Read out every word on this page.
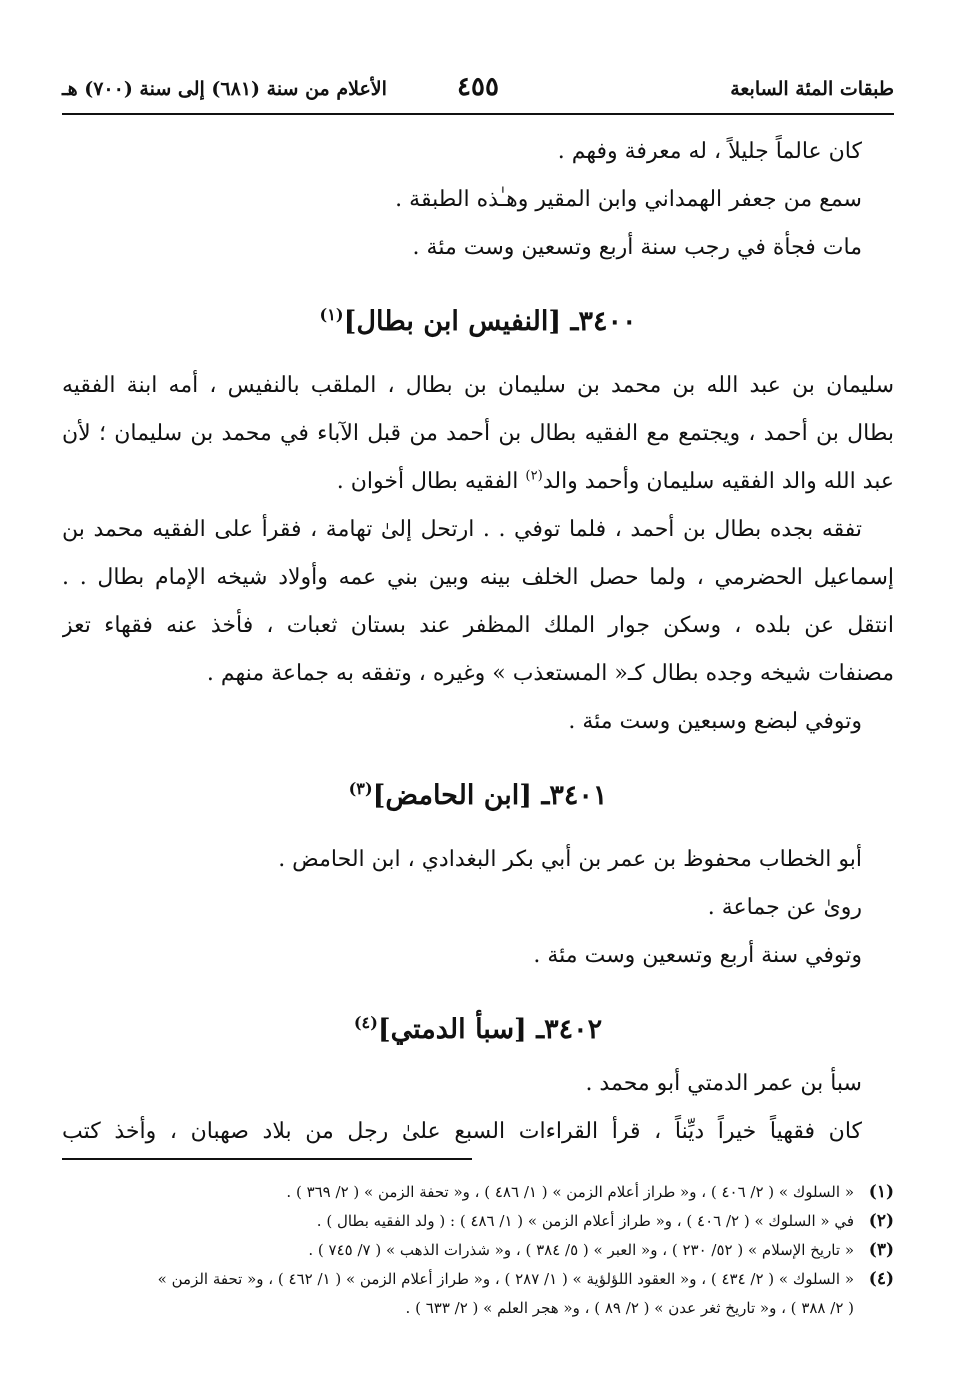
طبقات المئة السابعة
٤٥٥
الأعلام من سنة (٦٨١) إلى سنة (٧٠٠) هـ
كان عالماً جليلاً ، له معرفة وفهم .
سمع من جعفر الهمداني وابن المقير وهـٰذه الطبقة .
مات فجأة في رجب سنة أربع وتسعين وست مئة .
٣٤٠٠ـ [النفيس ابن بطال]$^{(١)}$
سليمان بن عبد الله بن محمد بن سليمان بن بطال ، الملقب بالنفيس ، أمه ابنة الفقيه
بطال بن أحمد ، ويجتمع مع الفقيه بطال بن أحمد من قبل الآباء في محمد بن سليمان ؛ لأن
عبد الله والد الفقيه سليمان وأحمد والد$^{(٢)}$ الفقيه بطال أخوان .
تفقه بجده بطال بن أحمد ، فلما توفي . . ارتحل إلىٰ تهامة ، فقرأ على الفقيه محمد بن
إسماعيل الحضرمي ، ولما حصل الخلف بينه وبين بني عمه وأولاد شيخه الإمام بطال . .
انتقل عن بلده ، وسكن جوار الملك المظفر عند بستان ثعبات ، فأخذ عنه فقهاء تعز
مصنفات شيخه وجده بطال كـ« المستعذب » وغيره ، وتفقه به جماعة منهم .
وتوفي لبضع وسبعين وست مئة .
٣٤٠١ـ [ابن الحامض]$^{(٣)}$
أبو الخطاب محفوظ بن عمر بن أبي بكر البغدادي ، ابن الحامض .
روىٰ عن جماعة .
وتوفي سنة أربع وتسعين وست مئة .
٣٤٠٢ـ [سبأ الدمتي]$^{(٤)}$
سبأ بن عمر الدمتي أبو محمد .
كان فقهياً خيراً ديِّناً ، قرأ القراءات السبع علىٰ رجل من بلاد صهبان ، وأخذ كتب
(١)
« السلوك » ( ٢/ ٤٠٦ ) ، و« طراز أعلام الزمن » ( ١/ ٤٨٦ ) ، و« تحفة الزمن » ( ٢/ ٣٦٩ ) .
(٢)
في « السلوك » ( ٢/ ٤٠٦ ) ، و« طراز أعلام الزمن » ( ١/ ٤٨٦ ) : ( ولد الفقيه بطال ) .
(٣)
« تاريخ الإسلام » ( ٥٢/ ٢٣٠ ) ، و« العبر » ( ٥/ ٣٨٤ ) ، و« شذرات الذهب » ( ٧/ ٧٤٥ ) .
(٤)
« السلوك » ( ٢/ ٤٣٤ ) ، و« العقود اللؤلؤية » ( ١/ ٢٨٧ ) ، و« طراز أعلام الزمن » ( ١/ ٤٦٢ ) ، و« تحفة الزمن »
( ٢/ ٣٨٨ ) ، و« تاريخ ثغر عدن » ( ٢/ ٨٩ ) ، و« هجر العلم » ( ٢/ ٦٣٣ ) .
